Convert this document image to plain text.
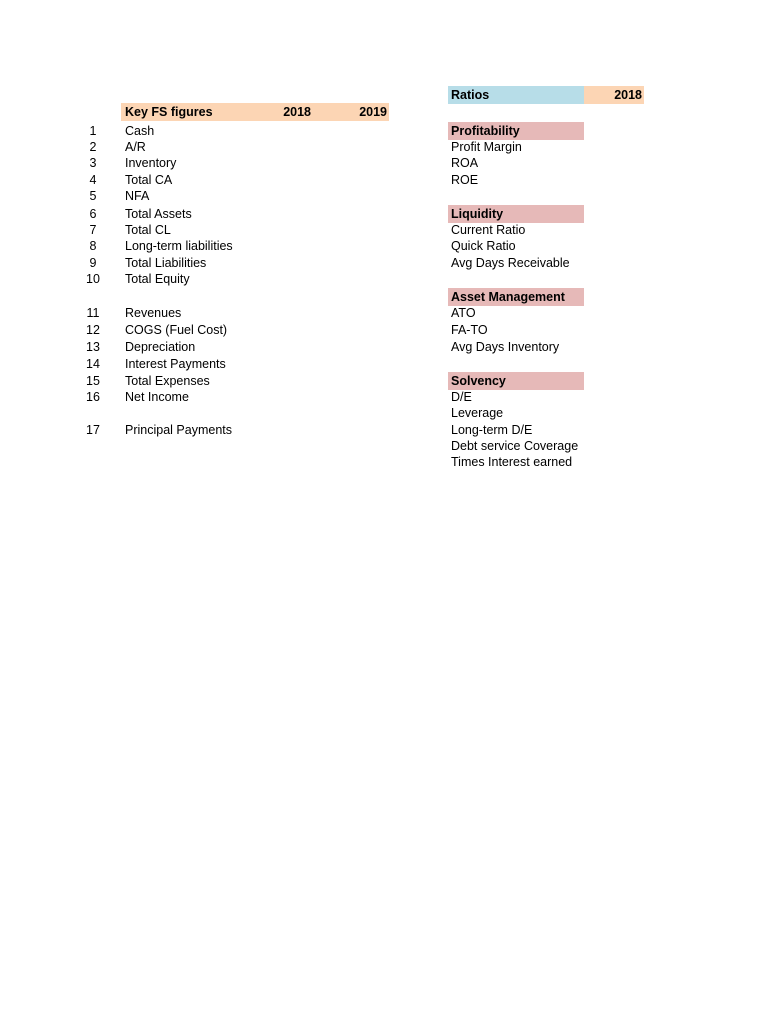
Key FS figures	2018	2019
1	Cash
2	A/R
3	Inventory
4	Total CA
5	NFA
6	Total Assets
7	Total CL
8	Long-term liabilities
9	Total Liabilities
10	Total Equity
11	Revenues
12	COGS (Fuel Cost)
13	Depreciation
14	Interest Payments
15	Total Expenses
16	Net Income
17	Principal Payments
Ratios	2018
Profitability
Profit Margin
ROA
ROE
Liquidity
Current Ratio
Quick Ratio
Avg Days Receivable
Asset Management
ATO
FA-TO
Avg Days Inventory
Solvency
D/E
Leverage
Long-term D/E
Debt service Coverage
Times Interest earned
